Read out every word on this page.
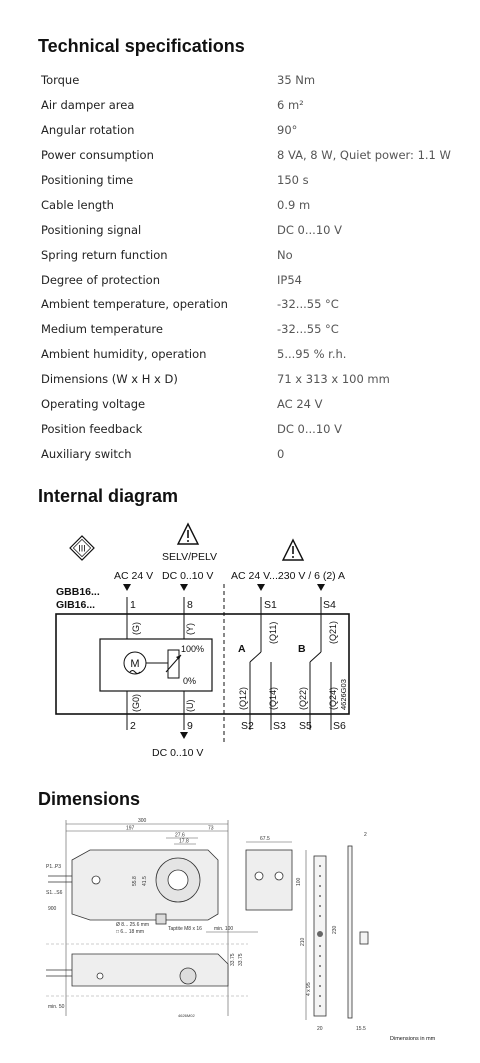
Technical specifications
Torque	35 Nm
Air damper area	6 m²
Angular rotation	90°
Power consumption	8 VA, 8 W, Quiet power: 1.1 W
Positioning time	150 s
Cable length	0.9 m
Positioning signal	DC 0...10 V
Spring return function	No
Degree of protection	IP54
Ambient temperature, operation	-32...55 °C
Medium temperature	-32...55 °C
Ambient humidity, operation	5...95 % r.h.
Dimensions (W x H x D)	71 x 313 x 100 mm
Operating voltage	AC 24 V
Position feedback	DC 0...10 V
Auxiliary switch	0
Internal diagram
III
SELV/PELV
AC 24 V DC 0..10 V AC 24 V...230 V / 6 (2) A
GBB16...
GIB16...	1	8	S1	S4
M
100%
0%
(G)	(Y)
(G0)	(U)
A	B
(Q11)	(Q21)
(Q12) (Q14) (Q22) (Q24) 4626G03
2	9	S2 S3 S5 S6
DC 0..10 V
Dimensions
300
197	73
27.6
17.8
P1..P3
S1...S6
900
55.8 41.5
Ø 8... 25.6 mm
□ 6... 18 mm	Taptite M8 x 16 min. 100
33.75 33.75
min. 50
4626M02
67.5
100
210
230
4 x 95
20	15.5
2
Dimensions in mm
